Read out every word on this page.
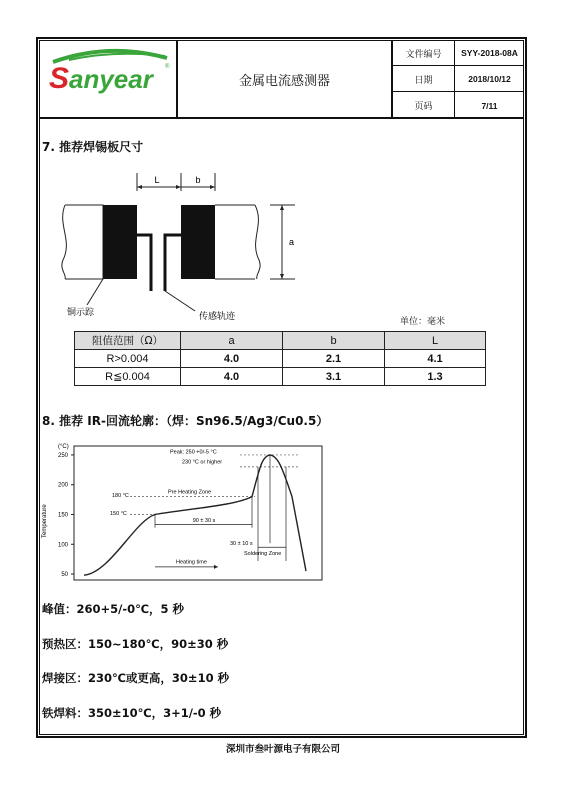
S anyear	®
金属电流感测器
文件编号	SYY-2018-08A
日期	2018/10/12
页码	7/11
7. 推荐焊锡板尺寸
L	b
a
铜示踪	传感轨迹
单位：毫米
阻值范围（Ω）	a	b	L
R>0.004	4.0	2.1	4.1
R≦0.004	4.0	3.1	1.3
8. 推荐 IR-回流轮廓：（焊：Sn96.5/Ag3/Cu0.5）
50
100
150
200
250
(°C)
Temperature
Peak: 250 +0/-5 °C
230 °C or higher
Pre Heating Zone
180 °C
150 °C
90 ± 30 s
30 ± 10 s
Soldering Zone
Heating time
峰值：260+5/-0℃，5 秒
预热区：150~180℃，90±30 秒
焊接区：230℃或更高，30±10 秒
铁焊料：350±10℃，3+1/-0 秒
深圳市叁叶源电子有限公司
